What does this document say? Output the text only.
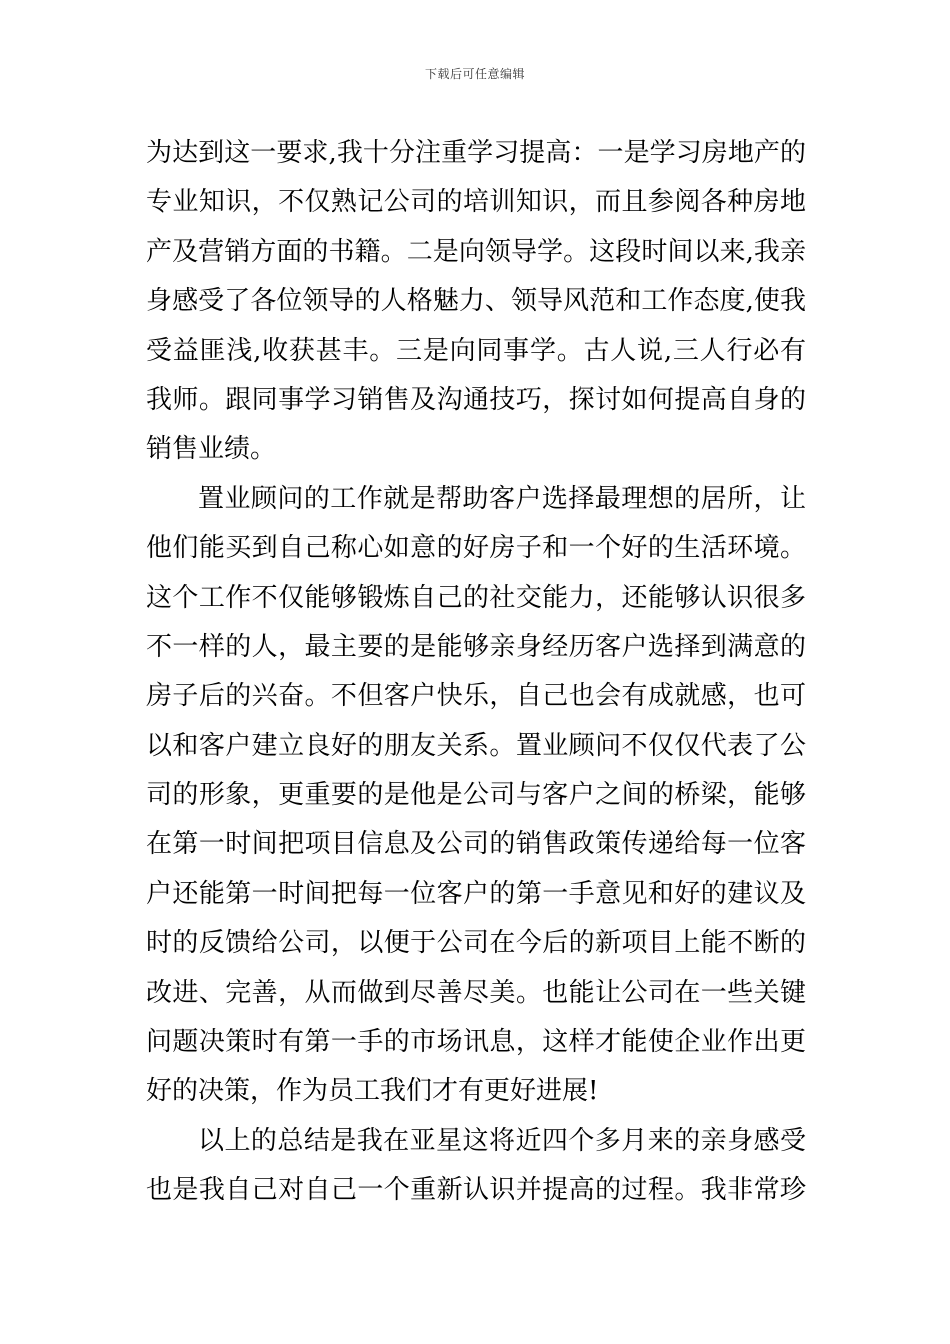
下载后可任意编辑
为达到这一要求,我十分注重学习提高：一是学习房地产的
专业知识，不仅熟记公司的培训知识，而且参阅各种房地
产及营销方面的书籍。二是向领导学。这段时间以来,我亲
身感受了各位领导的人格魅力、领导风范和工作态度,使我
受益匪浅,收获甚丰。三是向同事学。古人说,三人行必有
我师。跟同事学习销售及沟通技巧，探讨如何提高自身的
销售业绩。
置业顾问的工作就是帮助客户选择最理想的居所，让
他们能买到自己称心如意的好房子和一个好的生活环境。
这个工作不仅能够锻炼自己的社交能力，还能够认识很多
不一样的人，最主要的是能够亲身经历客户选择到满意的
房子后的兴奋。不但客户快乐，自己也会有成就感，也可
以和客户建立良好的朋友关系。置业顾问不仅仅代表了公
司的形象，更重要的是他是公司与客户之间的桥梁，能够
在第一时间把项目信息及公司的销售政策传递给每一位客
户还能第一时间把每一位客户的第一手意见和好的建议及
时的反馈给公司，以便于公司在今后的新项目上能不断的
改进、完善，从而做到尽善尽美。也能让公司在一些关键
问题决策时有第一手的市场讯息，这样才能使企业作出更
好的决策，作为员工我们才有更好进展!
以上的总结是我在亚星这将近四个多月来的亲身感受
也是我自己对自己一个重新认识并提高的过程。我非常珍
